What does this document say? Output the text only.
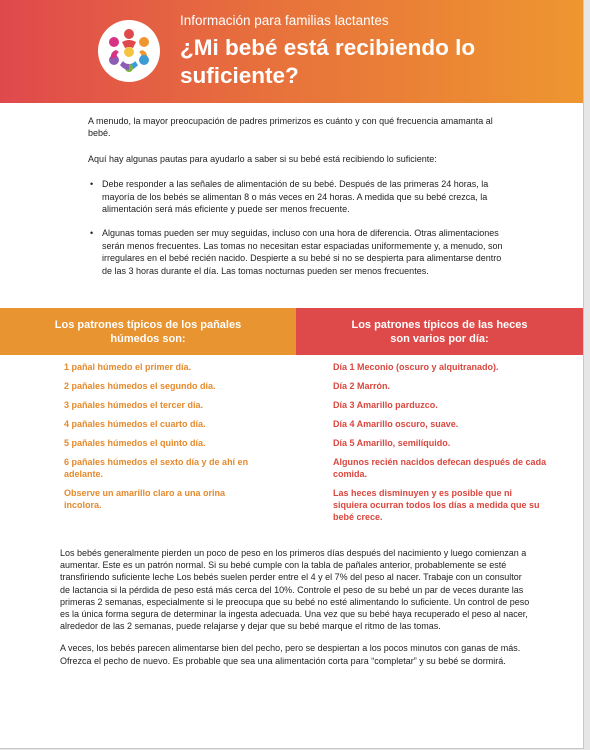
Información para familias lactantes
¿Mi bebé está recibiendo lo suficiente?

A menudo, la mayor preocupación de padres primerizos es cuánto y con qué frecuencia amamanta al bebé.

Aquí hay algunas pautas para ayudarlo a saber si su bebé está recibiendo lo suficiente:

• Debe responder a las señales de alimentación de su bebé. Después de las primeras 24 horas, la mayoría de los bebés se alimentan 8 o más veces en 24 horas. A medida que su bebé crezca, la alimentación será más eficiente y puede ser menos frecuente.
• Algunas tomas pueden ser muy seguidas, incluso con una hora de diferencia. Otras alimentaciones serán menos frecuentes. Las tomas no necesitan estar espaciadas uniformemente y, a menudo, son irregulares en el bebé recién nacido. Despierte a su bebé si no se despierta para alimentarse dentro de las 3 horas durante el día. Las tomas nocturnas pueden ser menos frecuentes.
Los patrones típicos de los pañales húmedos son:
Los patrones típicos de las heces son varios por día:
1 pañal húmedo el primer día.
2 pañales húmedos el segundo día.
3 pañales húmedos el tercer día.
4 pañales húmedos el cuarto día.
5 pañales húmedos el quinto día.
6 pañales húmedos el sexto día y de ahí en adelante.
Observe un amarillo claro a una orina incolora.
Día 1 Meconio (oscuro y alquitranado).
Día 2 Marrón.
Día 3 Amarillo parduzco.
Día 4 Amarillo oscuro, suave.
Día 5 Amarillo, semilíquido.
Algunos recién nacidos defecan después de cada comida.
Las heces disminuyen y es posible que ni siquiera ocurran todos los días a medida que su bebé crece.

Los bebés generalmente pierden un poco de peso en los primeros días después del nacimiento y luego comienzan a aumentar. Este es un patrón normal. Si su bebé cumple con la tabla de pañales anterior, probablemente se esté transfiriendo suficiente leche Los bebés suelen perder entre el 4 y el 7% del peso al nacer. Trabaje con un consultor de lactancia si la pérdida de peso está más cerca del 10%. Controle el peso de su bebé un par de veces durante las primeras 2 semanas, especialmente si le preocupa que su bebé no esté alimentando lo suficiente. Un control de peso es la única forma segura de determinar la ingesta adecuada. Una vez que su bebé haya recuperado el peso al nacer, alrededor de las 2 semanas, puede relajarse y dejar que su bebé marque el ritmo de las tomas.

A veces, los bebés parecen alimentarse bien del pecho, pero se despiertan a los pocos minutos con ganas de más. Ofrezca el pecho de nuevo. Es probable que sea una alimentación corta para “completar” y su bebé se dormirá.
